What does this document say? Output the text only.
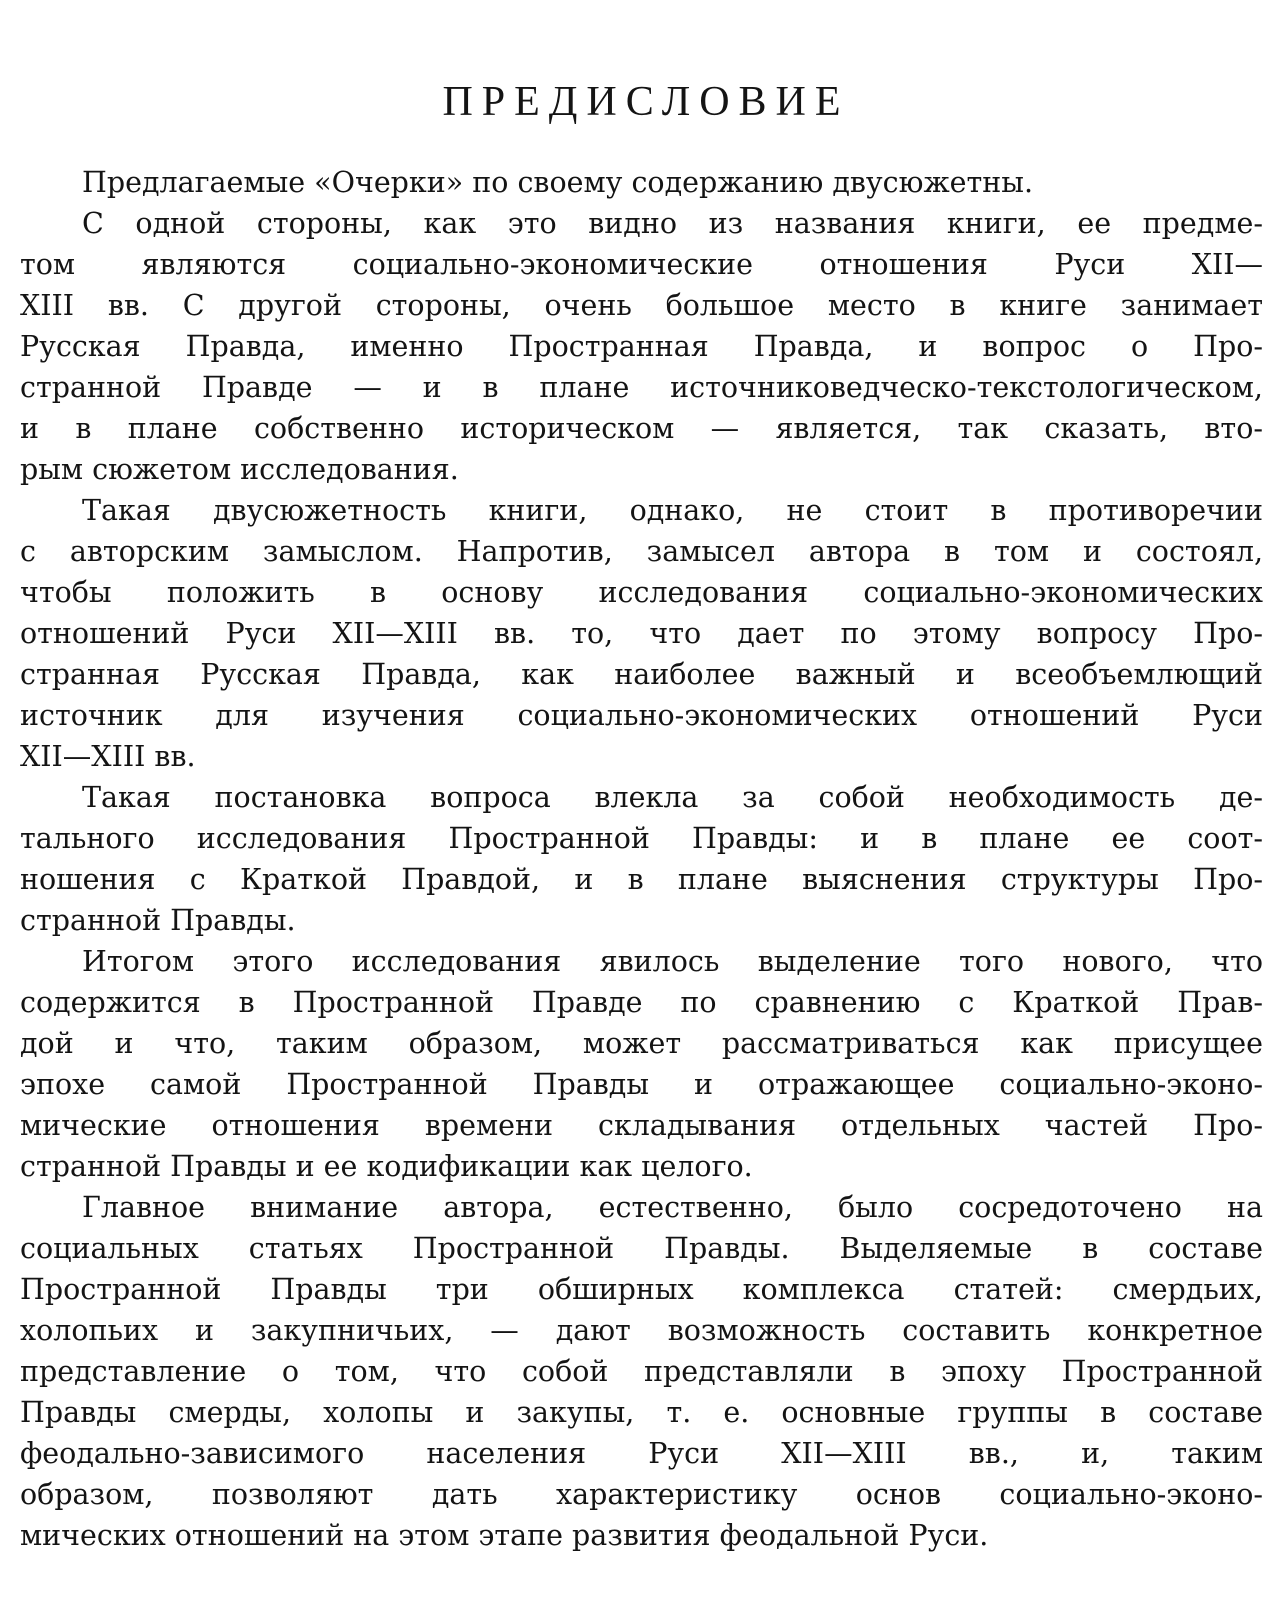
ПРЕДИСЛОВИЕ
Предлагаемые «Очерки» по своему содержанию двусюжетны.
С одной стороны, как это видно из названия книги, ее предме-
том являются социально-экономические отношения Руси XII—
XIII вв. С другой стороны, очень большое место в книге занимает
Русская Правда, именно Пространная Правда, и вопрос о Про-
странной Правде — и в плане источниковедческо-текстологическом,
и в плане собственно историческом — является, так сказать, вто-
рым сюжетом исследования.
Такая двусюжетность книги, однако, не стоит в противоречии
с авторским замыслом. Напротив, замысел автора в том и состоял,
чтобы положить в основу исследования социально-экономических
отношений Руси XII—XIII вв. то, что дает по этому вопросу Про-
странная Русская Правда, как наиболее важный и всеобъемлющий
источник для изучения социально-экономических отношений Руси
XII—XIII вв.
Такая постановка вопроса влекла за собой необходимость де-
тального исследования Пространной Правды: и в плане ее соот-
ношения с Краткой Правдой, и в плане выяснения структуры Про-
странной Правды.
Итогом этого исследования явилось выделение того нового, что
содержится в Пространной Правде по сравнению с Краткой Прав-
дой и что, таким образом, может рассматриваться как присущее
эпохе самой Пространной Правды и отражающее социально-эконо-
мические отношения времени складывания отдельных частей Про-
странной Правды и ее кодификации как целого.
Главное внимание автора, естественно, было сосредоточено на
социальных статьях Пространной Правды. Выделяемые в составе
Пространной Правды три обширных комплекса статей: смердьих,
холопьих и закупничьих, — дают возможность составить конкретное
представление о том, что собой представляли в эпоху Пространной
Правды смерды, холопы и закупы, т. е. основные группы в составе
феодально-зависимого населения Руси XII—XIII вв., и, таким
образом, позволяют дать характеристику основ социально-эконо-
мических отношений на этом этапе развития феодальной Руси.
